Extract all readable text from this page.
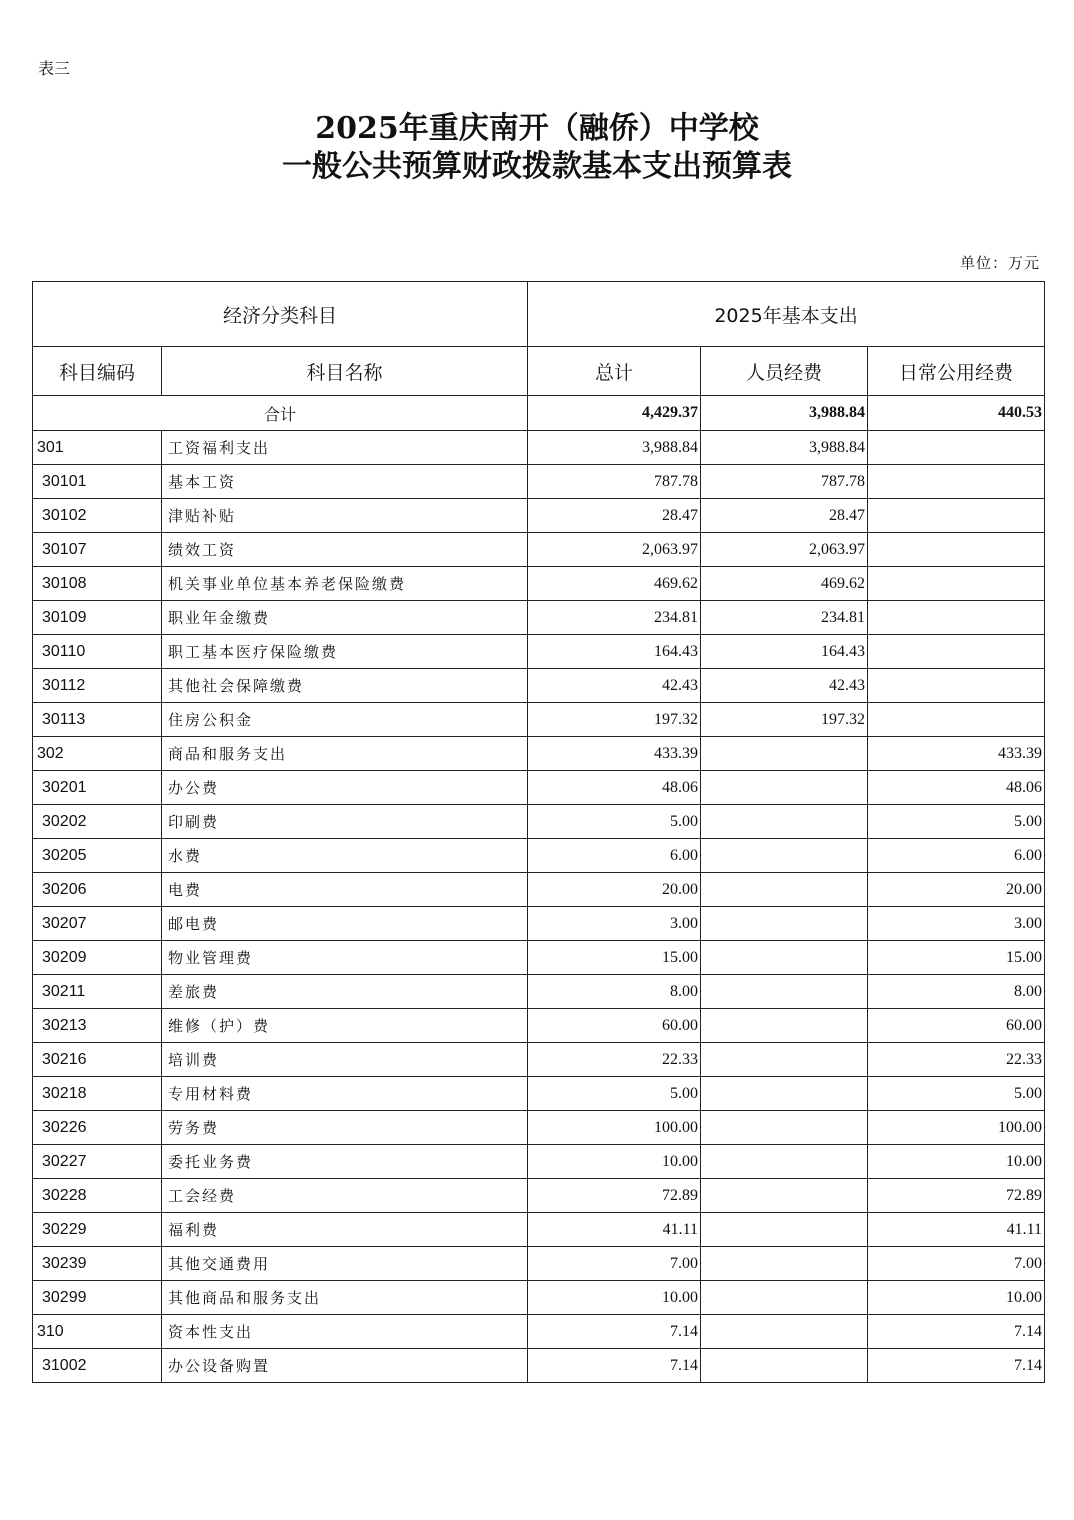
表三
2025年重庆南开（融侨）中学校
一般公共预算财政拨款基本支出预算表
单位：万元
经济分类科目		2025年基本支出		
科目编码	科目名称	总计	人员经费	日常公用经费
合计		4,429.37	3,988.84	440.53
301	工资福利支出	3,988.84	3,988.84	
30101	基本工资	787.78	787.78	
30102	津贴补贴	28.47	28.47	
30107	绩效工资	2,063.97	2,063.97	
30108	机关事业单位基本养老保险缴费	469.62	469.62	
30109	职业年金缴费	234.81	234.81	
30110	职工基本医疗保险缴费	164.43	164.43	
30112	其他社会保障缴费	42.43	42.43	
30113	住房公积金	197.32	197.32	
302	商品和服务支出	433.39		433.39
30201	办公费	48.06		48.06
30202	印刷费	5.00		5.00
30205	水费	6.00		6.00
30206	电费	20.00		20.00
30207	邮电费	3.00		3.00
30209	物业管理费	15.00		15.00
30211	差旅费	8.00		8.00
30213	维修（护）费	60.00		60.00
30216	培训费	22.33		22.33
30218	专用材料费	5.00		5.00
30226	劳务费	100.00		100.00
30227	委托业务费	10.00		10.00
30228	工会经费	72.89		72.89
30229	福利费	41.11		41.11
30239	其他交通费用	7.00		7.00
30299	其他商品和服务支出	10.00		10.00
310	资本性支出	7.14		7.14
31002	办公设备购置	7.14		7.14
